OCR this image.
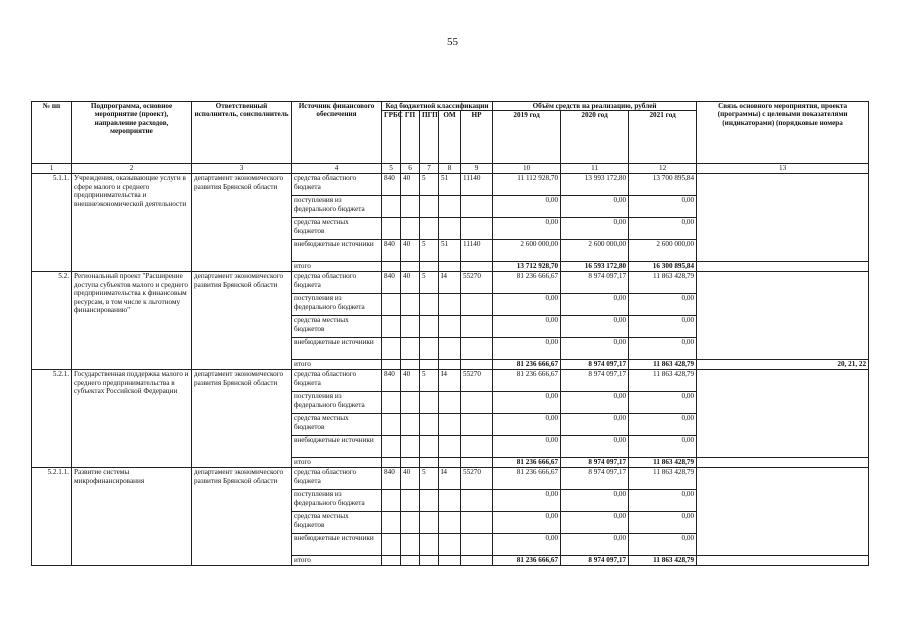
55
№ пп	Подпрограмма, основное мероприятие (проект), направление расходов, мероприятие	Ответственный исполнитель, соисполнитель	Источник финансового обеспечения	Код бюджетной классификации					Объём средств на реализацию, рублей			Связь основного мероприятия, проекта (программы) с целевыми показателями (индикаторами) (порядковые номера
				ГРБС	ГП	ПГП	ОМ	НР	2019 год	2020 год	2021 год	
1	2	3	4	5	6	7	8	9	10	11	12	13
5.1.1.	Учреждения, оказывающие услуги в сфере малого и среднего предпринимательства и внешнеэкономической деятельности	департамент экономического развития Брянской области	средства областного бюджета	840	40	5	51	11140	11 112 928,70	13 993 172,80	13 700 895,84	
			поступления из федерального бюджета						0,00	0,00	0,00	
			средства местных бюджетов						0,00	0,00	0,00	
			внебюджетные источники	840	40	5	51	11140	2 600 000,00	2 600 000,00	2 600 000,00	
			итого						13 712 928,70	16 593 172,80	16 300 895,84	
5.2.	Региональный проект "Расширение доступа субъектов малого и среднего предпринимательства к финансовым ресурсам, в том числе к льготному финансированию"	департамент экономического развития Брянской области	средства областного бюджета	840	40	5	I4	55270	81 236 666,67	8 974 097,17	11 863 428,79	
			поступления из федерального бюджета						0,00	0,00	0,00	
			средства местных бюджетов						0,00	0,00	0,00	
			внебюджетные источники						0,00	0,00	0,00	
			итого						81 236 666,67	8 974 097,17	11 863 428,79	20, 21, 22
5.2.1.	Государственная поддержка малого и среднего предпринимательства в субъектах Российской Федерации	департамент экономического развития Брянской области	средства областного бюджета	840	40	5	I4	55270	81 236 666,67	8 974 097,17	11 863 428,79	
			поступления из федерального бюджета						0,00	0,00	0,00	
			средства местных бюджетов						0,00	0,00	0,00	
			внебюджетные источники						0,00	0,00	0,00	
			итого						81 236 666,67	8 974 097,17	11 863 428,79	
5.2.1.1.	Развитие системы микрофинансирования	департамент экономического развития Брянской области	средства областного бюджета	840	40	5	I4	55270	81 236 666,67	8 974 097,17	11 863 428,79	
			поступления из федерального бюджета						0,00	0,00	0,00	
			средства местных бюджетов						0,00	0,00	0,00	
			внебюджетные источники						0,00	0,00	0,00	
			итого						81 236 666,67	8 974 097,17	11 863 428,79	
